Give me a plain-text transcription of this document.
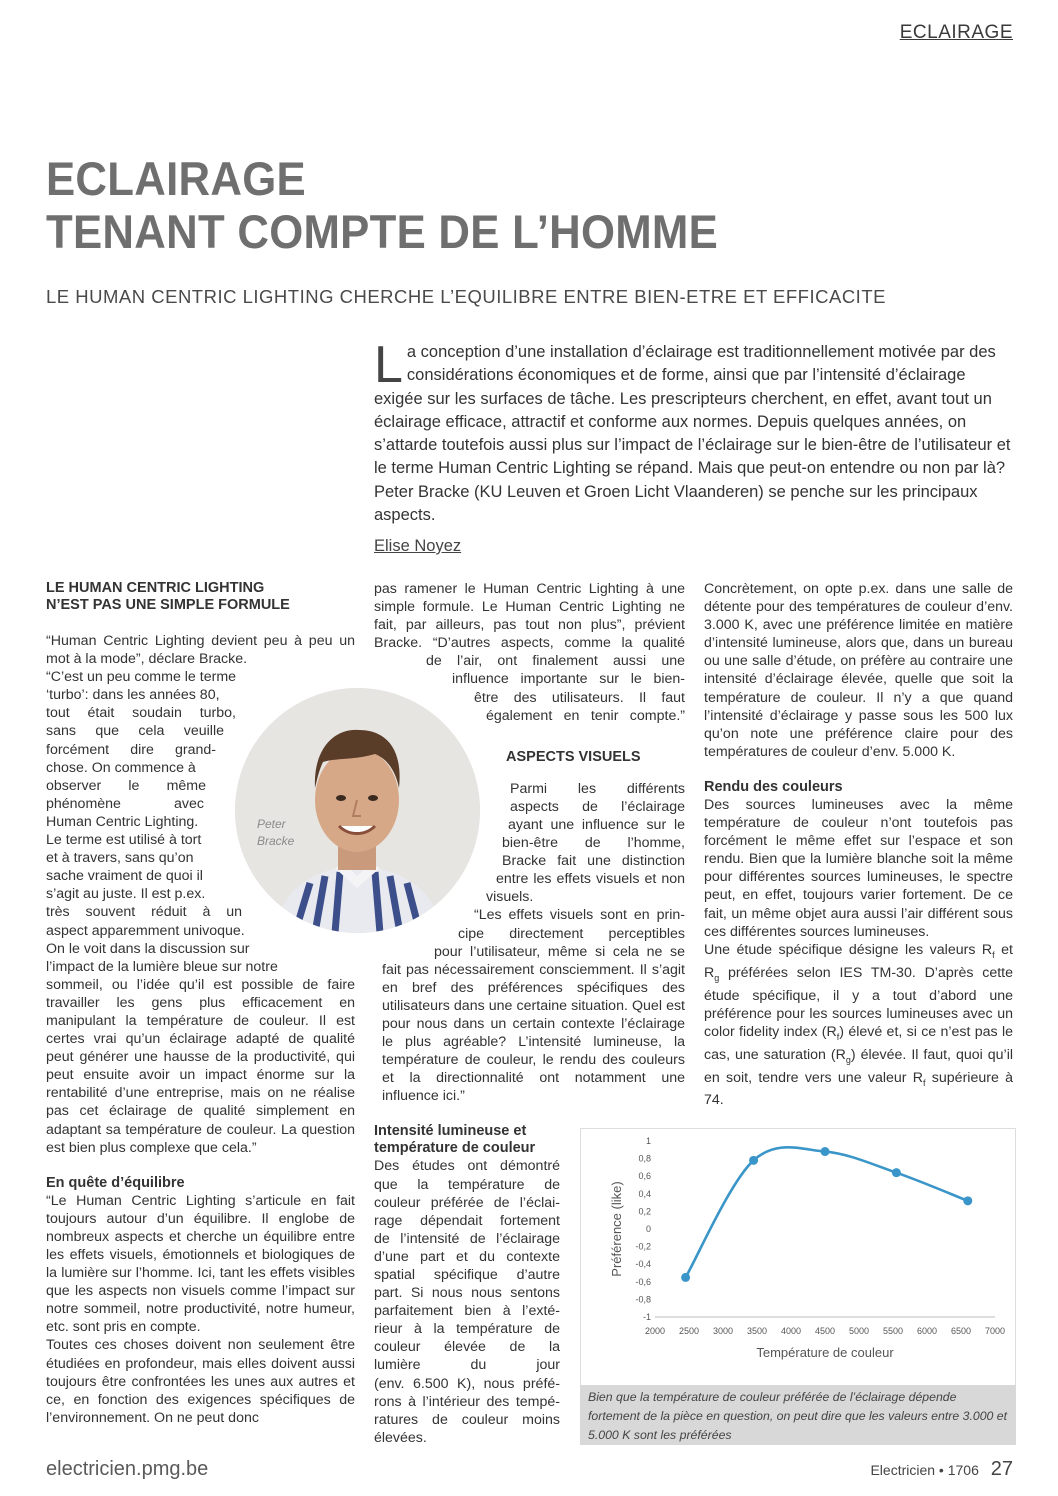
ECLAIRAGE
ECLAIRAGE
TENANT COMPTE DE L’HOMME
LE HUMAN CENTRIC LIGHTING CHERCHE L’EQUILIBRE ENTRE BIEN-ETRE ET EFFICACITE
La conception d’une installation d’éclairage est traditionnellement motivée par des considérations économiques et de forme, ainsi que par l’intensité d’éclairage exigée sur les surfaces de tâche. Les prescripteurs cherchent, en effet, avant tout un éclairage efficace, attractif et conforme aux normes. Depuis quelques années, on s’attarde toutefois aussi plus sur l’impact de l’éclairage sur le bien-être de l’utilisateur et le terme Human Centric Lighting se répand. Mais que peut-on entendre ou non par là? Peter Bracke (KU Leuven et Groen Licht Vlaanderen) se penche sur les principaux aspects.
Elise Noyez
LE HUMAN CENTRIC LIGHTING
N’EST PAS UNE SIMPLE FORMULE

“Human Centric Lighting devient peu à peu un mot à la mode”, déclare Bracke.

“C’est un peu comme le terme
‘turbo’: dans les années 80,
tout était soudain turbo,
sans que cela veuille
forcément dire grand-
chose. On commence à
observer le même
phénomène avec
Human Centric Lighting.
Le terme est utilisé à tort
et à travers, sans qu’on
sache vraiment de quoi il
s’agit au juste. Il est p.ex.
très souvent réduit à un
aspect apparemment univoque.
On le voit dans la discussion sur
l’impact de la lumière bleue sur notre

sommeil, ou l’idée qu’il est possible de faire travailler les gens plus efficacement en manipulant la température de couleur. Il est certes vrai qu’un éclairage adapté de qualité peut générer une hausse de la productivité, qui peut ensuite avoir un impact énorme sur la rentabilité d’une entreprise, mais on ne réalise pas cet éclairage de qualité simplement en adaptant sa température de couleur. La question est bien plus complexe que cela.”

En quête d’équilibre

“Le Human Centric Lighting s’articule en fait toujours autour d’un équilibre. Il englobe de nombreux aspects et cherche un équilibre entre les effets visuels, émotionnels et biologiques de la lumière sur l’homme. Ici, tant les effets visibles que les aspects non visuels comme l’impact sur notre sommeil, notre productivité, notre humeur, etc. sont pris en compte.

Toutes ces choses doivent non seulement être étudiées en profondeur, mais elles doivent aussi toujours être confrontées les unes aux autres et ce, en fonction des exigences spécifiques de l’environnement. On ne peut donc

Peter
Bracke
pas ramener le Human Centric Lighting à une
simple formule. Le Human Centric Lighting ne
fait, par ailleurs, pas tout non plus”, prévient
Bracke. “D’autres aspects, comme la qualité
de l’air, ont finalement aussi une
influence importante sur le bien-
être des utilisateurs. Il faut
également en tenir compte.”
ASPECTS VISUELS
Parmi les différents
aspects de l’éclairage
ayant une influence sur le
bien-être de l’homme,
Bracke fait une distinction
entre les effets visuels et non
visuels.
“Les effets visuels sont en prin-
cipe directement perceptibles
pour l’utilisateur, même si cela ne se

fait pas nécessairement consciemment. Il s’agit en bref des préférences spécifiques des utilisateurs dans une certaine situation. Quel est pour nous dans un certain contexte l’éclairage le plus agréable? L’intensité lumineuse, la température de couleur, le rendu des couleurs et la directionnalité ont notamment une influence ici.”

Intensité lumineuse et
température de couleur
Des études ont démontré
que la température de
couleur préférée de l’éclai-
rage dépendait fortement
de l’intensité de l’éclairage
d’une part et du contexte
spatial spécifique d’autre
part. Si nous nous sentons
parfaitement bien à l’exté-
rieur à la température de
couleur élevée de la
lumière du jour
(env. 6.500 K), nous préfé-
rons à l’intérieur des tempé-
ratures de couleur moins
élevées.

Concrètement, on opte p.ex. dans une salle de détente pour des températures de couleur d’env. 3.000 K, avec une préférence limitée en matière d’intensité lumineuse, alors que, dans un bureau ou une salle d’étude, on préfère au contraire une intensité d’éclairage élevée, quelle que soit la température de couleur. Il n’y a que quand l’intensité d’éclairage y passe sous les 500 lux qu’on note une préférence claire pour des températures de couleur d’env. 5.000 K.

Rendu des couleurs

Des sources lumineuses avec la même température de couleur n’ont toutefois pas forcément le même effet sur l’espace et son rendu. Bien que la lumière blanche soit la même pour différentes sources lumineuses, le spectre peut, en effet, toujours varier fortement. De ce fait, un même objet aura aussi l’air différent sous ces différentes sources lumineuses.

Une étude spécifique désigne les valeurs $R_f$ et $R_g$ préférées selon IES TM-30. D’après cette étude spécifique, il y a tout d’abord une préférence pour les sources lumineuses avec un color fidelity index $(R_f)$ élevé et, si ce n’est pas le cas, une saturation $(R_g)$ élevée. Il faut, quoi qu’il en soit, tendre vers une valeur $R_f$ supérieure à 74.

-1
-0,8
-0,6
-0,4
-0,2
0
0,2
0,4
0,6
0,8
1
2000 2500 3000 3500 4000 4500 5000 5500 6000 6500 7000
Température de couleur
Préférence (like)
Bien que la température de couleur préférée de l’éclairage dépende fortement de la pièce en question, on peut dire que les valeurs entre 3.000 et 5.000 K sont les préférées
electricien.pmg.be	Electricien • 1706 27
